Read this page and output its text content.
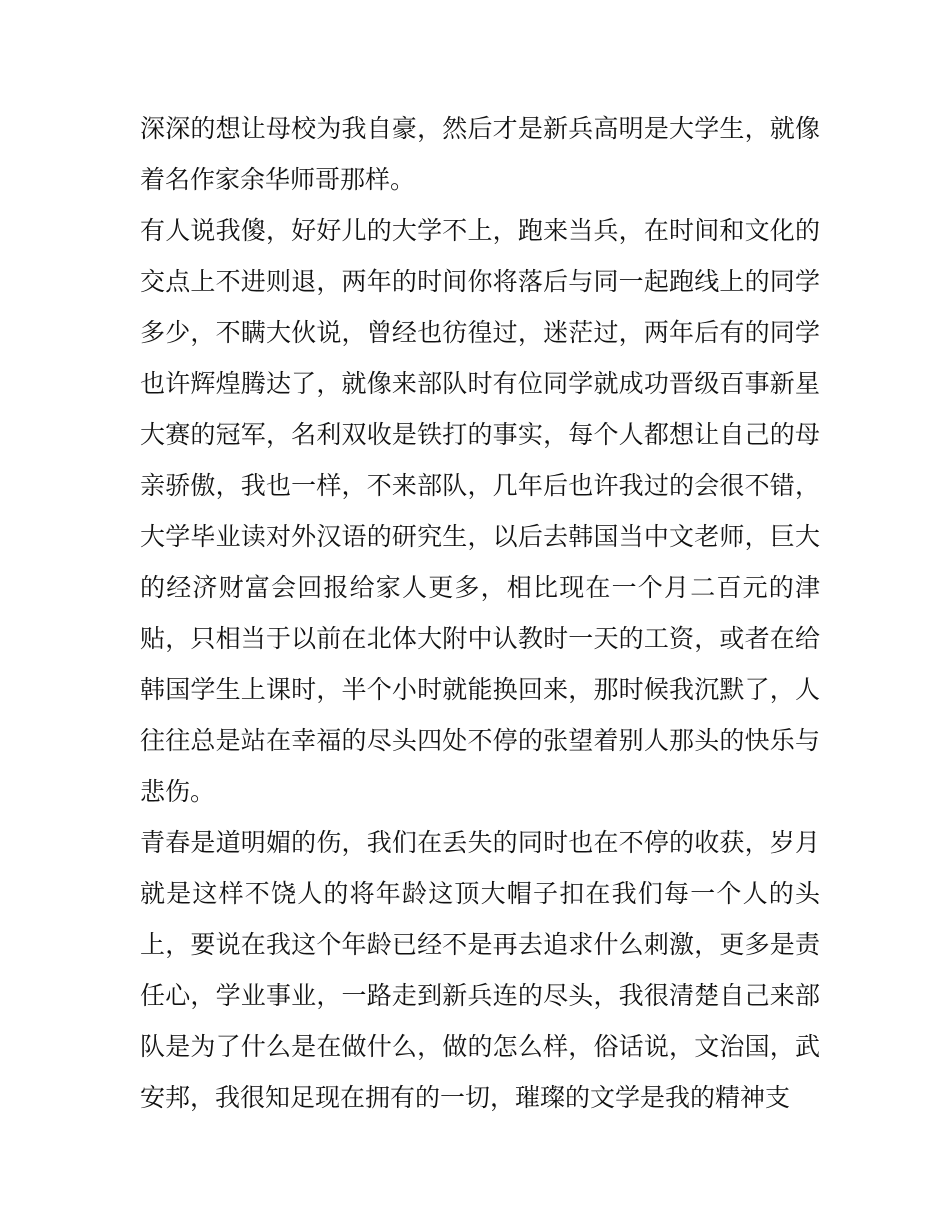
深深的想让母校为我自豪，然后才是新兵高明是大学生，就像
着名作家余华师哥那样。
有人说我傻，好好儿的大学不上，跑来当兵，在时间和文化的
交点上不进则退，两年的时间你将落后与同一起跑线上的同学
多少，不瞒大伙说，曾经也彷徨过，迷茫过，两年后有的同学
也许辉煌腾达了，就像来部队时有位同学就成功晋级百事新星
大赛的冠军，名利双收是铁打的事实，每个人都想让自己的母
亲骄傲，我也一样，不来部队，几年后也许我过的会很不错，
大学毕业读对外汉语的研究生，以后去韩国当中文老师，巨大
的经济财富会回报给家人更多，相比现在一个月二百元的津
贴，只相当于以前在北体大附中认教时一天的工资，或者在给
韩国学生上课时，半个小时就能换回来，那时候我沉默了，人
往往总是站在幸福的尽头四处不停的张望着别人那头的快乐与
悲伤。
青春是道明媚的伤，我们在丢失的同时也在不停的收获，岁月
就是这样不饶人的将年龄这顶大帽子扣在我们每一个人的头
上，要说在我这个年龄已经不是再去追求什么刺激，更多是责
任心，学业事业，一路走到新兵连的尽头，我很清楚自己来部
队是为了什么是在做什么，做的怎么样，俗话说，文治国，武
安邦，我很知足现在拥有的一切，璀璨的文学是我的精神支
